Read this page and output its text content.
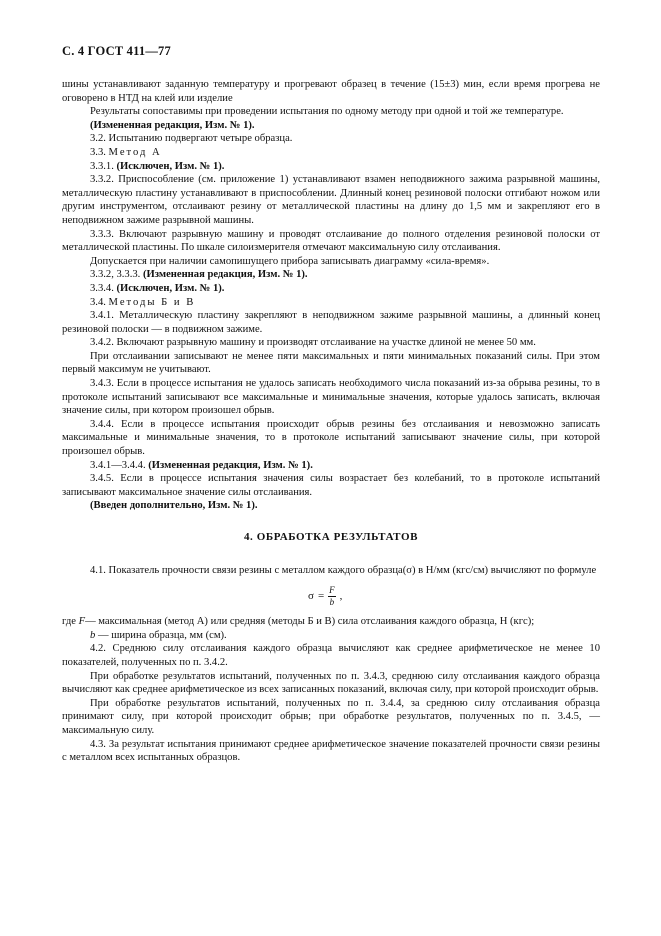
С. 4 ГОСТ 411—77

шины устанавливают заданную температуру и прогревают образец в течение (15±3) мин, если время прогрева не оговорено в НТД на клей или изделие

Результаты сопоставимы при проведении испытания по одному методу при одной и той же температуре.

(Измененная редакция, Изм. № 1).

3.2. Испытанию подвергают четыре образца.

3.3. Метод А

3.3.1. (Исключен, Изм. № 1).

3.3.2. Приспособление (см. приложение 1) устанавливают взамен неподвижного зажима разрывной машины, металлическую пластину устанавливают в приспособлении. Длинный конец резиновой полоски отгибают ножом или другим инструментом, отслаивают резину от металлической пластины на длину до 1,5 мм и закрепляют его в неподвижном зажиме разрывной машины.

3.3.3. Включают разрывную машину и проводят отслаивание до полного отделения резиновой полоски от металлической пластины. По шкале силоизмерителя отмечают максимальную силу отслаивания.

Допускается при наличии самопишущего прибора записывать диаграмму «сила-время».

3.3.2, 3.3.3. (Измененная редакция, Изм. № 1).

3.3.4. (Исключен, Изм. № 1).

3.4. Методы Б и В

3.4.1. Металлическую пластину закрепляют в неподвижном зажиме разрывной машины, а длинный конец резиновой полоски — в подвижном зажиме.

3.4.2. Включают разрывную машину и производят отслаивание на участке длиной не менее 50 мм.

При отслаивании записывают не менее пяти максимальных и пяти минимальных показаний силы. При этом первый максимум не учитывают.

3.4.3. Если в процессе испытания не удалось записать необходимого числа показаний из-за обрыва резины, то в протоколе испытаний записывают все максимальные и минимальные значения, которые удалось записать, включая значение силы, при котором произошел обрыв.

3.4.4. Если в процессе испытания происходит обрыв резины без отслаивания и невозможно записать максимальные и минимальные значения, то в протоколе испытаний записывают значение силы, при которой произошел обрыв.

3.4.1—3.4.4. (Измененная редакция, Изм. № 1).

3.4.5. Если в процессе испытания значения силы возрастает без колебаний, то в протоколе испытаний записывают максимальное значение силы отслаивания.

(Введен дополнительно, Изм. № 1).

4. ОБРАБОТКА РЕЗУЛЬТАТОВ

4.1. Показатель прочности связи резины с металлом каждого образца(σ) в Н/мм (кгс/см) вычисляют по формуле

$\sigma = \frac{F}{b}$ ,

где F— максимальная (метод А) или средняя (методы Б и В) сила отслаивания каждого образца, Н (кгс);

b — ширина образца, мм (см).

4.2. Среднюю силу отслаивания каждого образца вычисляют как среднее арифметическое не менее 10 показателей, полученных по п. 3.4.2.

При обработке результатов испытаний, полученных по п. 3.4.3, среднюю силу отслаивания каждого образца вычисляют как среднее арифметическое из всех записанных показаний, включая силу, при которой происходит обрыв.

При обработке результатов испытаний, полученных по п. 3.4.4, за среднюю силу отслаивания образца принимают силу, при которой происходит обрыв; при обработке результатов, полученных по п. 3.4.5, — максимальную силу.

4.3. За результат испытания принимают среднее арифметическое значение показателей прочности связи резины с металлом всех испытанных образцов.
